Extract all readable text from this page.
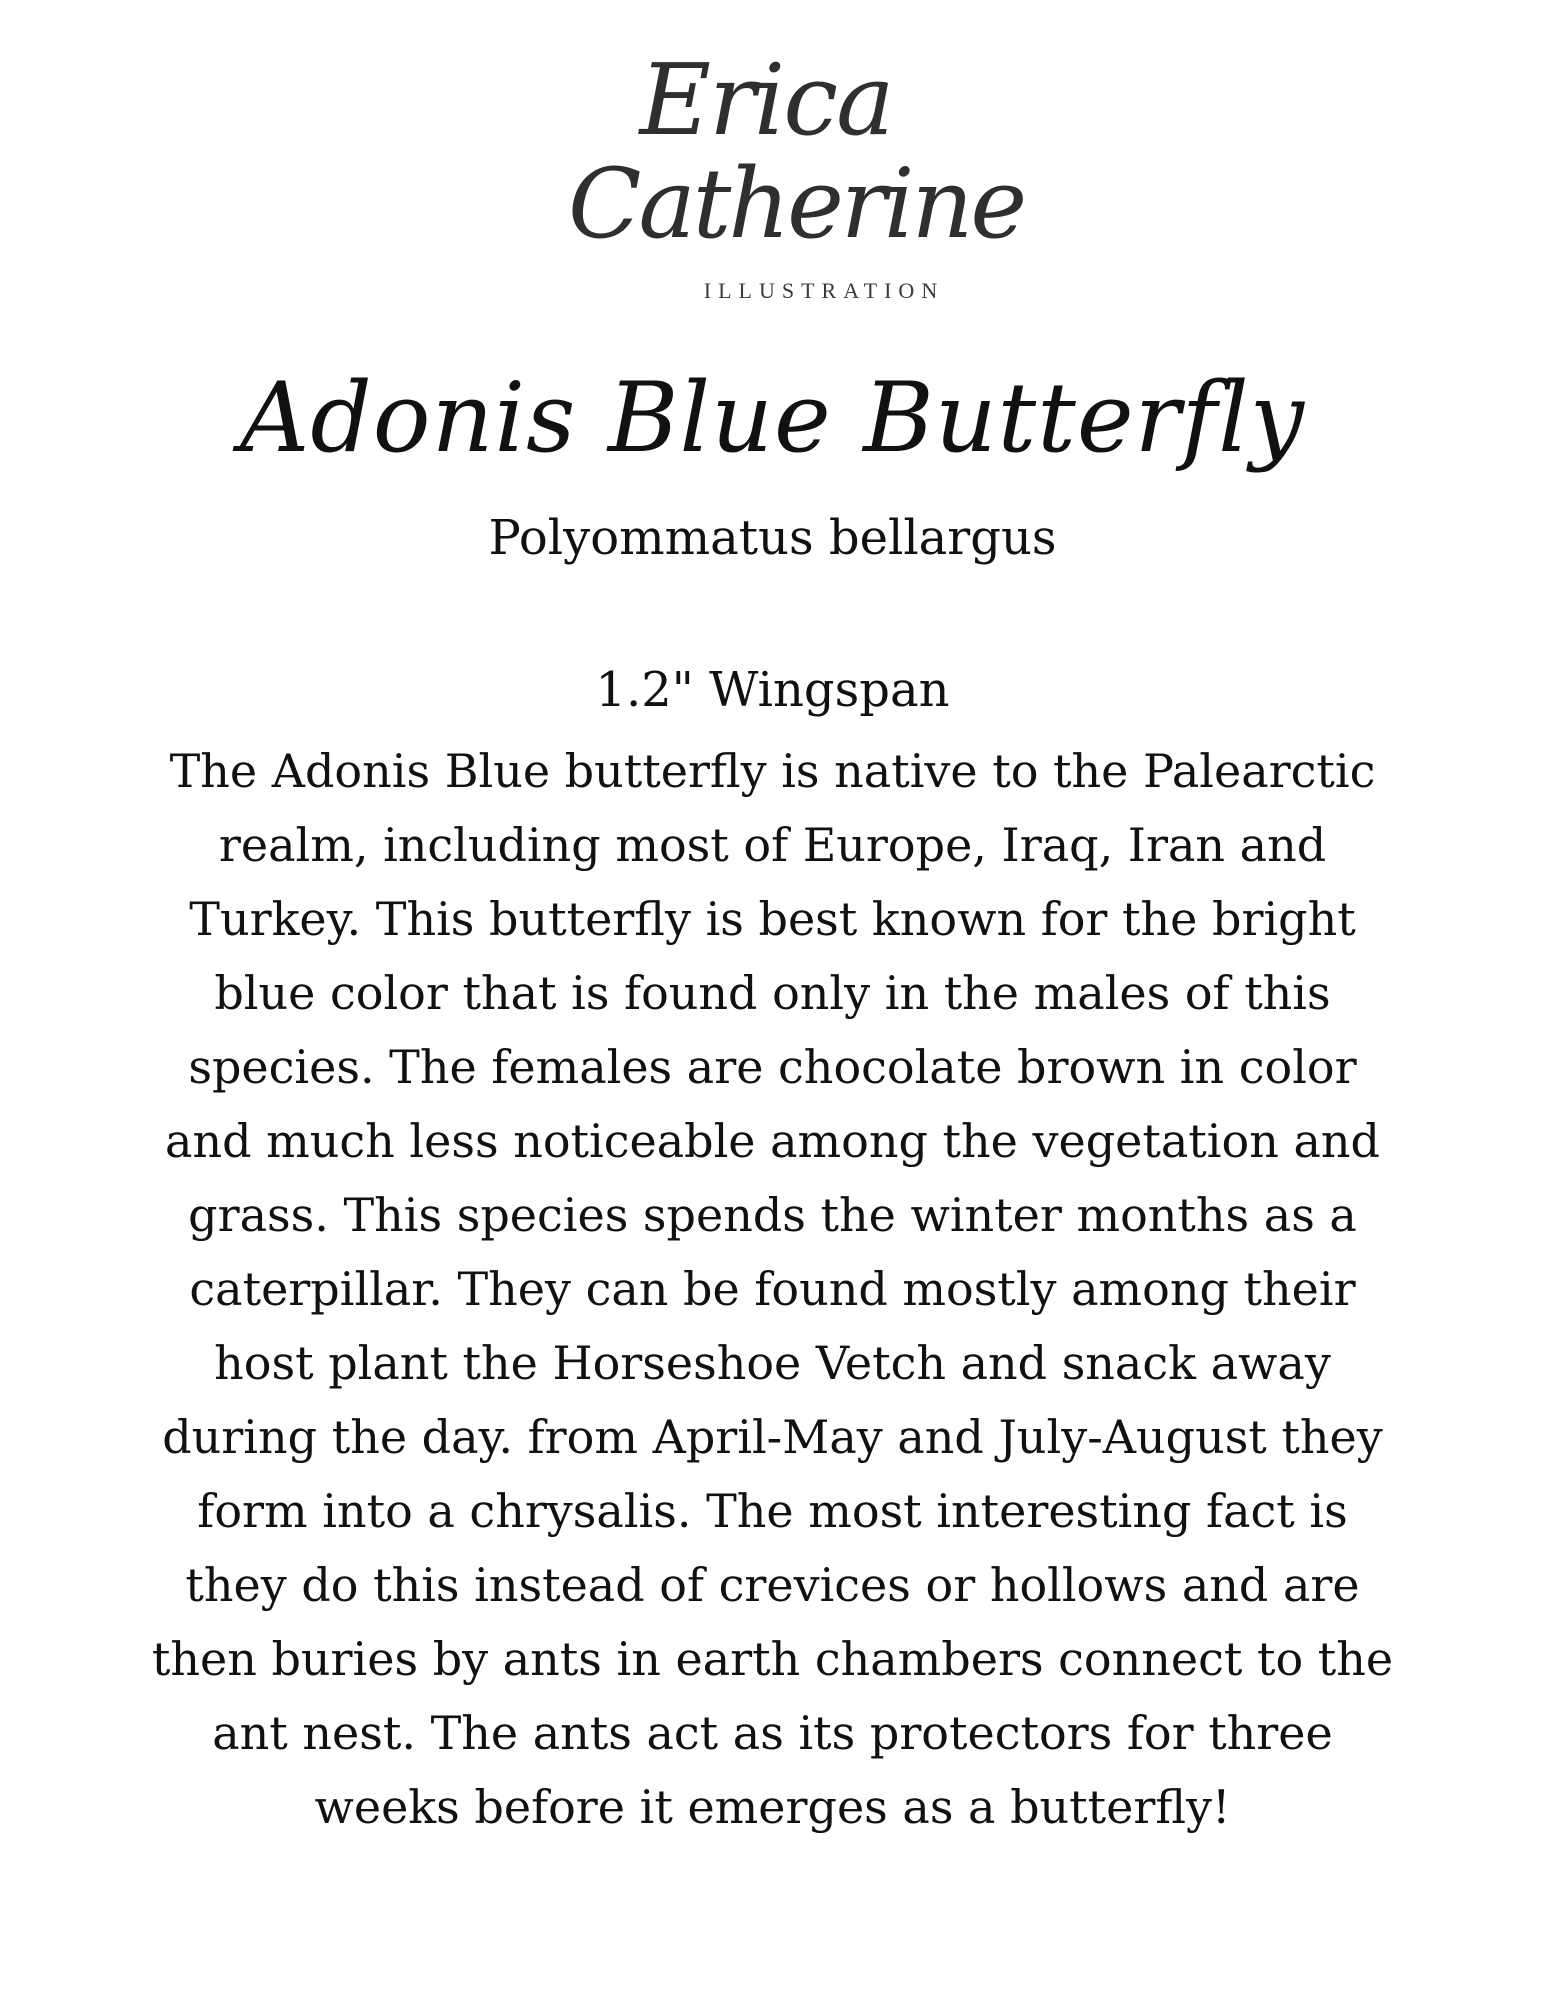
Erica
Catherine
ILLUSTRATION
Adonis Blue Butterfly
Polyommatus bellargus
1.2" Wingspan
The Adonis Blue butterfly is native to the Palearctic
realm, including most of Europe, Iraq, Iran and
Turkey. This butterfly is best known for the bright
blue color that is found only in the males of this
species. The females are chocolate brown in color
and much less noticeable among the vegetation and
grass. This species spends the winter months as a
caterpillar. They can be found mostly among their
host plant the Horseshoe Vetch and snack away
during the day. from April-May and July-August they
form into a chrysalis. The most interesting fact is
they do this instead of crevices or hollows and are
then buries by ants in earth chambers connect to the
ant nest. The ants act as its protectors for three
weeks before it emerges as a butterfly!
